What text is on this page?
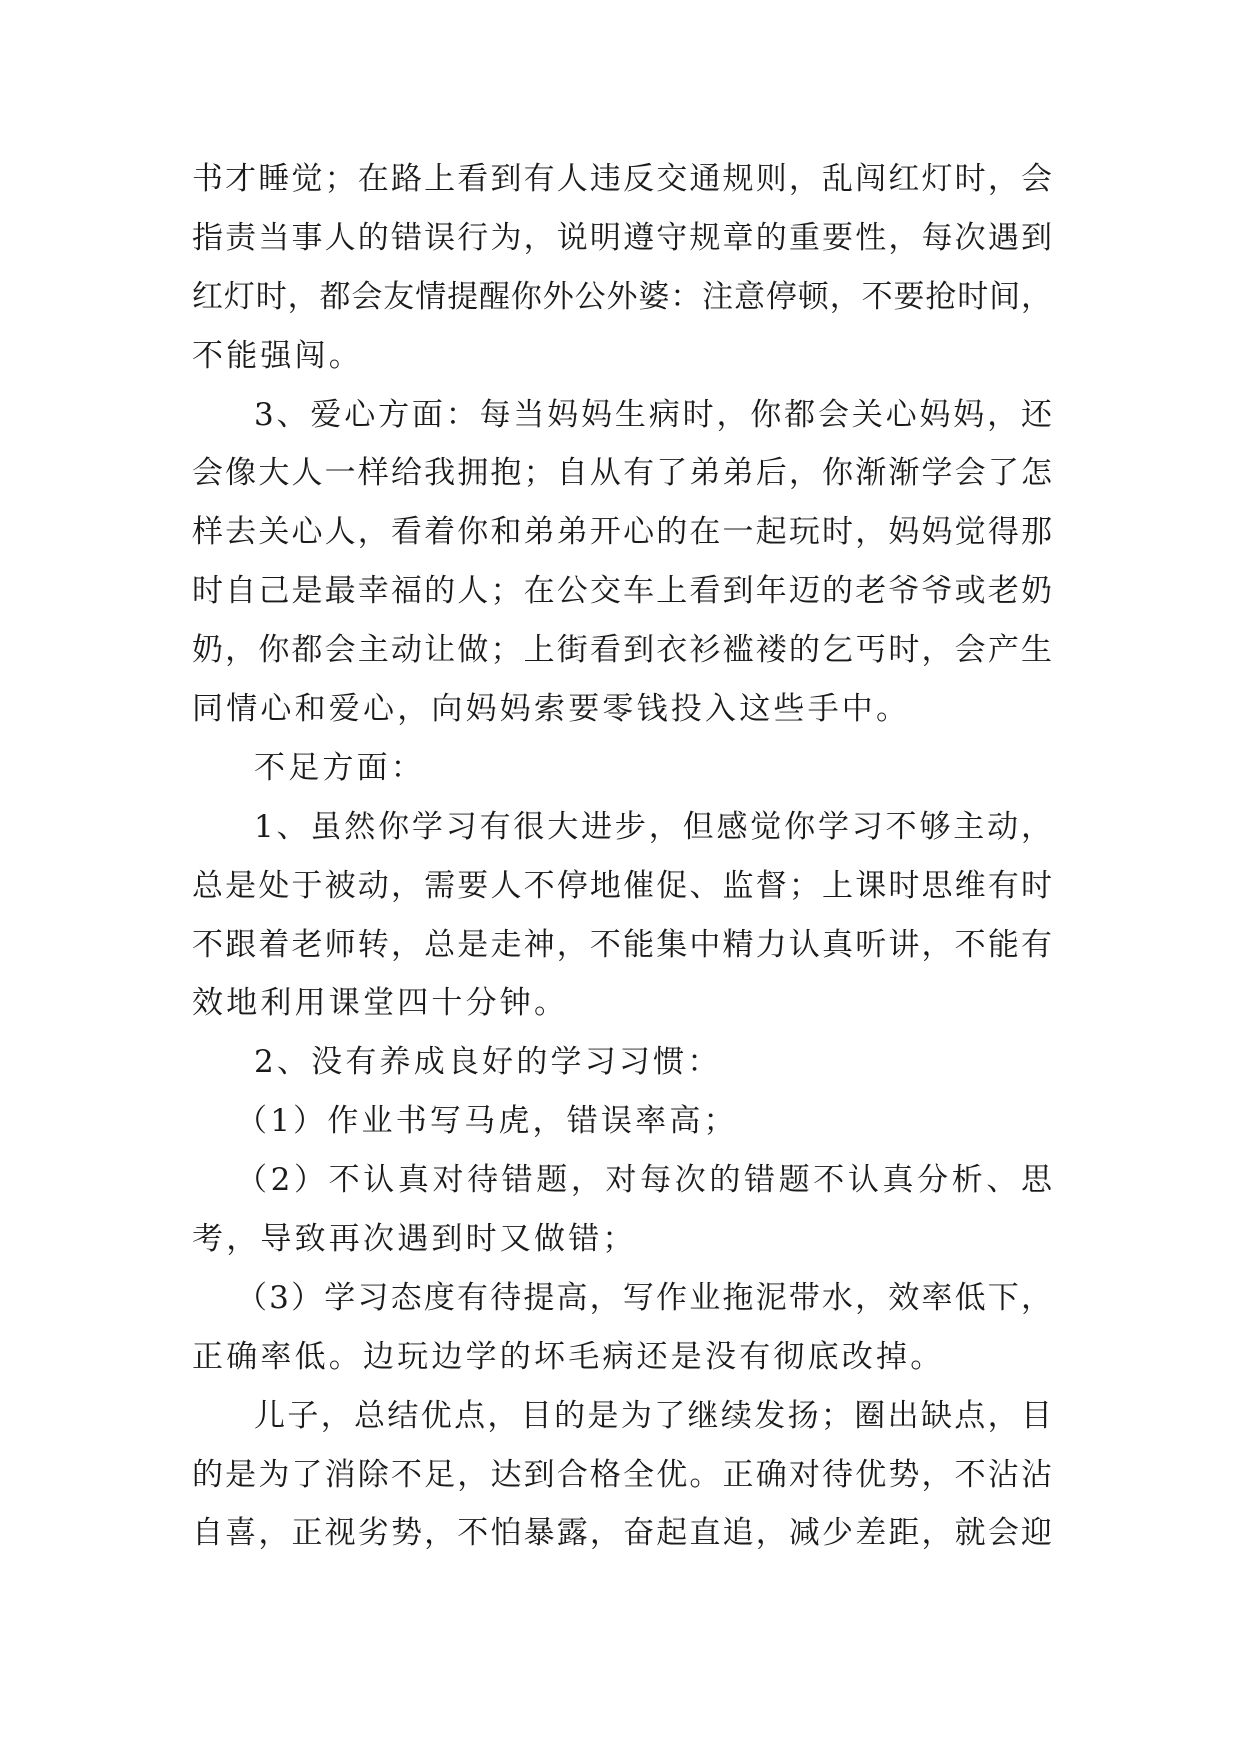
书才睡觉；在路上看到有人违反交通规则，乱闯红灯时，会
指责当事人的错误行为，说明遵守规章的重要性，每次遇到
红灯时，都会友情提醒你外公外婆：注意停顿，不要抢时间，
不能强闯。
3、爱心方面：每当妈妈生病时，你都会关心妈妈，还
会像大人一样给我拥抱；自从有了弟弟后，你渐渐学会了怎
样去关心人，看着你和弟弟开心的在一起玩时，妈妈觉得那
时自己是最幸福的人；在公交车上看到年迈的老爷爷或老奶
奶，你都会主动让做；上街看到衣衫褴褛的乞丐时，会产生
同情心和爱心，向妈妈索要零钱投入这些手中。
不足方面：
1、虽然你学习有很大进步，但感觉你学习不够主动，
总是处于被动，需要人不停地催促、监督；上课时思维有时
不跟着老师转，总是走神，不能集中精力认真听讲，不能有
效地利用课堂四十分钟。
2、没有养成良好的学习习惯：
（1）作业书写马虎，错误率高；
（2）不认真对待错题，对每次的错题不认真分析、思
考，导致再次遇到时又做错；
（3）学习态度有待提高，写作业拖泥带水，效率低下，
正确率低。边玩边学的坏毛病还是没有彻底改掉。
儿子，总结优点，目的是为了继续发扬；圈出缺点，目
的是为了消除不足，达到合格全优。正确对待优势，不沾沾
自喜，正视劣势，不怕暴露，奋起直追，减少差距，就会迎
